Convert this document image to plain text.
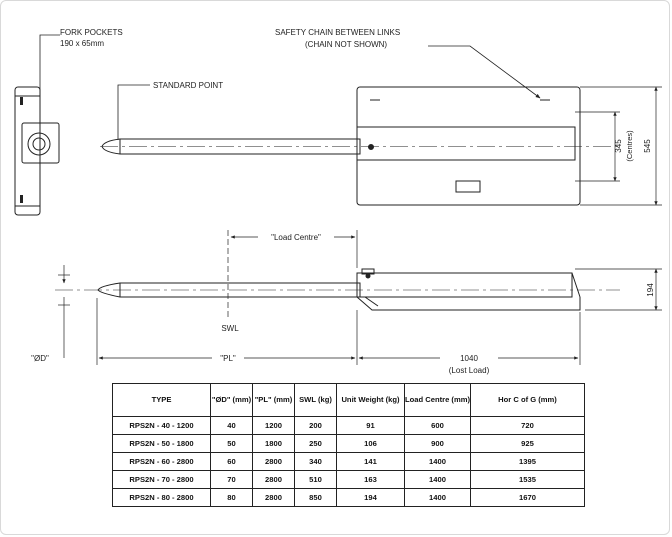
FORK POCKETS
190 x 65mm
SAFETY CHAIN BETWEEN LINKS
(CHAIN NOT SHOWN)
STANDARD POINT
345 (Centres) 545
"Load Centre"
SWL
194
"ØD"	"PL"	1040
(Lost Load)
TYPE	"ØD" (mm)	"PL" (mm)	SWL (kg)	Unit Weight (kg)	Load Centre (mm)	Hor C of G (mm)
RPS2N - 40 - 1200	40	1200	200	91	600	720
RPS2N - 50 - 1800	50	1800	250	106	900	925
RPS2N - 60 - 2800	60	2800	340	141	1400	1395
RPS2N - 70 - 2800	70	2800	510	163	1400	1535
RPS2N - 80 - 2800	80	2800	850	194	1400	1670
